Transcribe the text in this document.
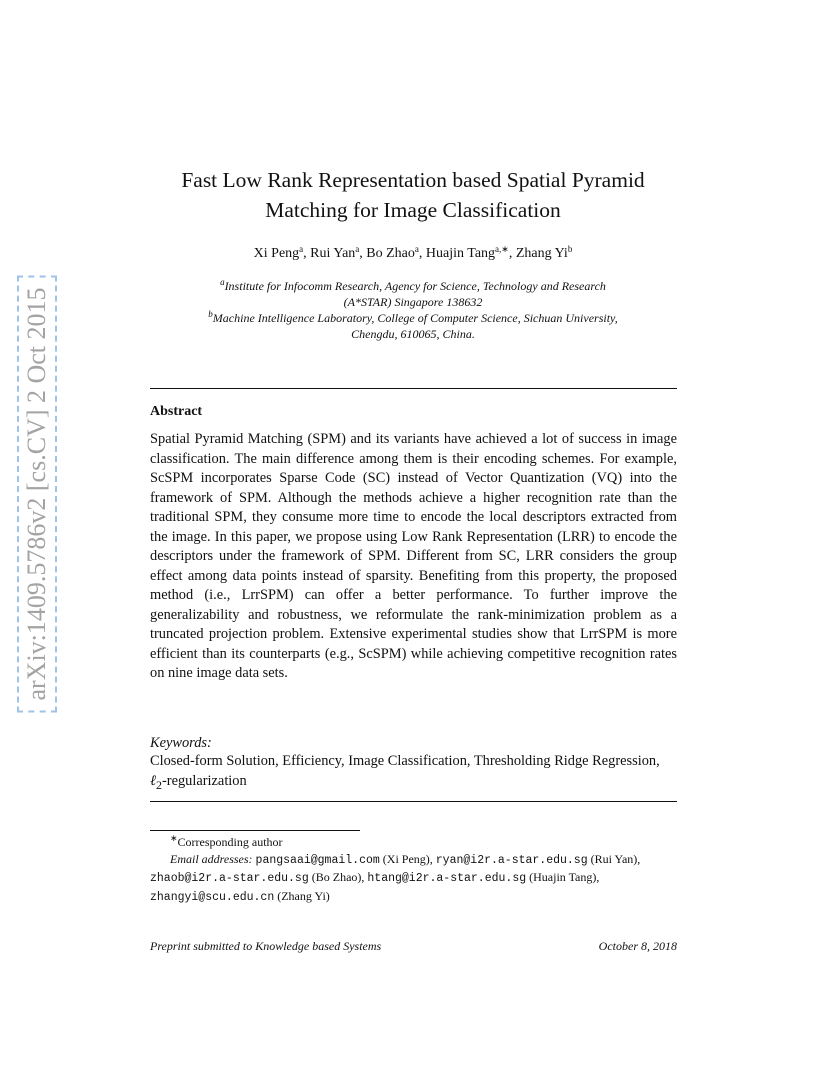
arXiv:1409.5786v2 [cs.CV] 2 Oct 2015
Fast Low Rank Representation based Spatial Pyramid
Matching for Image Classification
Xi Peng$^a$, Rui Yan$^a$, Bo Zhao$^a$, Huajin Tang$^{a,∗}$, Zhang Yi$^b$
$^a$Institute for Infocomm Research, Agency for Science, Technology and Research
(A*STAR) Singapore 138632
$^b$Machine Intelligence Laboratory, College of Computer Science, Sichuan University,
Chengdu, 610065, China.
Abstract
Spatial Pyramid Matching (SPM) and its variants have achieved a lot of success in image classification. The main difference among them is their encoding schemes. For example, ScSPM incorporates Sparse Code (SC) instead of Vector Quantization (VQ) into the framework of SPM. Although the methods achieve a higher recognition rate than the traditional SPM, they consume more time to encode the local descriptors extracted from the image. In this paper, we propose using Low Rank Representation (LRR) to encode the descriptors under the framework of SPM. Different from SC, LRR considers the group effect among data points instead of sparsity. Benefiting from this property, the proposed method (i.e., LrrSPM) can offer a better performance. To further improve the generalizability and robustness, we reformulate the rank-minimization problem as a truncated projection problem. Extensive experimental studies show that LrrSPM is more efficient than its counterparts (e.g., ScSPM) while achieving competitive recognition rates on nine image data sets.
Keywords:
Closed-form Solution, Efficiency, Image Classification, Thresholding Ridge Regression, ℓ$_2$-regularization
∗Corresponding author
Email addresses: pangsaai@gmail.com (Xi Peng), ryan@i2r.a-star.edu.sg (Rui Yan), zhaob@i2r.a-star.edu.sg (Bo Zhao), htang@i2r.a-star.edu.sg (Huajin Tang), zhangyi@scu.edu.cn (Zhang Yi)
Preprint submitted to Knowledge based Systems	October 8, 2018
